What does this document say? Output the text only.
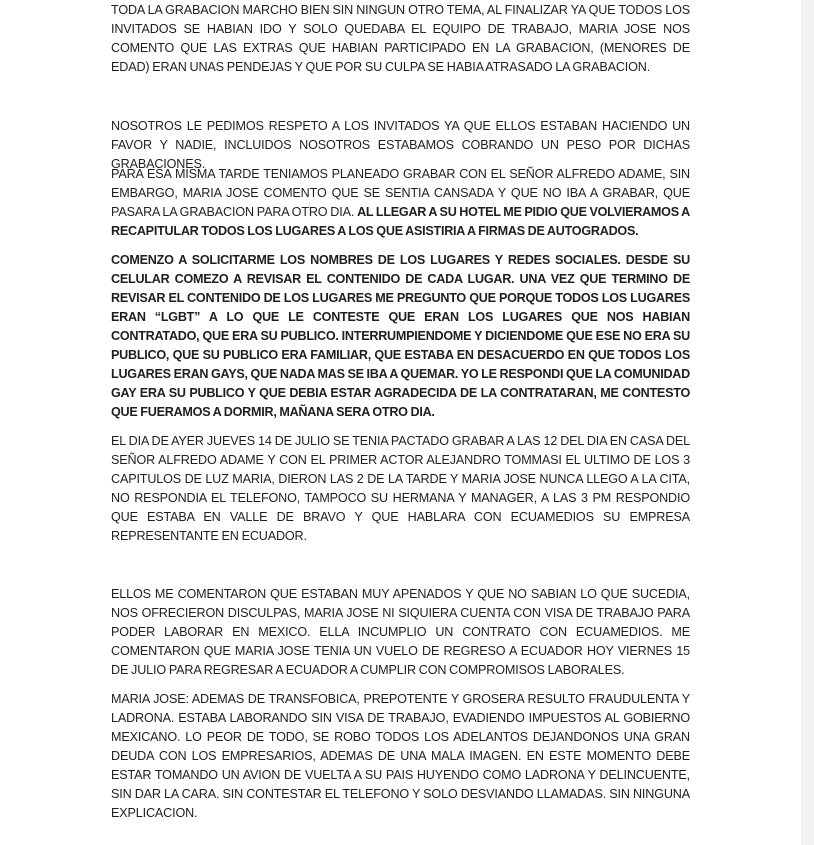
TODA LA GRABACION MARCHO BIEN SIN NINGUN OTRO TEMA, AL FINALIZAR YA QUE TODOS LOS INVITADOS SE HABIAN IDO Y SOLO QUEDABA EL EQUIPO DE TRABAJO, MARIA JOSE NOS COMENTO QUE LAS EXTRAS QUE HABIAN PARTICIPADO EN LA GRABACION, (MENORES DE EDAD) ERAN UNAS PENDEJAS Y QUE POR SU CULPA SE HABIA ATRASADO LA GRABACION.

NOSOTROS LE PEDIMOS RESPETO A LOS INVITADOS YA QUE ELLOS ESTABAN HACIENDO UN FAVOR Y NADIE, INCLUIDOS NOSOTROS ESTABAMOS COBRANDO UN PESO POR DICHAS GRABACIONES.

PARA ESA MISMA TARDE TENIAMOS PLANEADO GRABAR CON EL SEÑOR ALFREDO ADAME, SIN EMBARGO, MARIA JOSE COMENTO QUE SE SENTIA CANSADA Y QUE NO IBA A GRABAR, QUE PASARA LA GRABACION PARA OTRO DIA. AL LLEGAR A SU HOTEL ME PIDIO QUE VOLVIERAMOS A RECAPITULAR TODOS LOS LUGARES A LOS QUE ASISTIRIA A FIRMAS DE AUTOGRADOS.

COMENZO A SOLICITARME LOS NOMBRES DE LOS LUGARES Y REDES SOCIALES. DESDE SU CELULAR COMEZO A REVISAR EL CONTENIDO DE CADA LUGAR. UNA VEZ QUE TERMINO DE REVISAR EL CONTENIDO DE LOS LUGARES ME PREGUNTO QUE PORQUE TODOS LOS LUGARES ERAN “LGBT” A LO QUE LE CONTESTE QUE ERAN LOS LUGARES QUE NOS HABIAN CONTRATADO, QUE ERA SU PUBLICO. INTERRUMPIENDOME Y DICIENDOME QUE ESE NO ERA SU PUBLICO, QUE SU PUBLICO ERA FAMILIAR, QUE ESTABA EN DESACUERDO EN QUE TODOS LOS LUGARES ERAN GAYS, QUE NADA MAS SE IBA A QUEMAR. YO LE RESPONDI QUE LA COMUNIDAD GAY ERA SU PUBLICO Y QUE DEBIA ESTAR AGRADECIDA DE LA CONTRATARAN, ME CONTESTO QUE FUERAMOS A DORMIR, MAÑANA SERA OTRO DIA.

EL DIA DE AYER JUEVES 14 DE JULIO SE TENIA PACTADO GRABAR A LAS 12 DEL DIA EN CASA DEL SEÑOR ALFREDO ADAME Y CON EL PRIMER ACTOR ALEJANDRO TOMMASI EL ULTIMO DE LOS 3 CAPITULOS DE LUZ MARIA, DIERON LAS 2 DE LA TARDE Y MARIA JOSE NUNCA LLEGO A LA CITA, NO RESPONDIA EL TELEFONO, TAMPOCO SU HERMANA Y MANAGER, A LAS 3 PM RESPONDIO QUE ESTABA EN VALLE DE BRAVO Y QUE HABLARA CON ECUAMEDIOS SU EMPRESA REPRESENTANTE EN ECUADOR.

ELLOS ME COMENTARON QUE ESTABAN MUY APENADOS Y QUE NO SABIAN LO QUE SUCEDIA, NOS OFRECIERON DISCULPAS, MARIA JOSE NI SIQUIERA CUENTA CON VISA DE TRABAJO PARA PODER LABORAR EN MEXICO. ELLA INCUMPLIO UN CONTRATO CON ECUAMEDIOS. ME COMENTARON QUE MARIA JOSE TENIA UN VUELO DE REGRESO A ECUADOR HOY VIERNES 15 DE JULIO PARA REGRESAR A ECUADOR A CUMPLIR CON COMPROMISOS LABORALES.

MARIA JOSE: ADEMAS DE TRANSFOBICA, PREPOTENTE Y GROSERA RESULTO FRAUDULENTA Y LADRONA. ESTABA LABORANDO SIN VISA DE TRABAJO, EVADIENDO IMPUESTOS AL GOBIERNO MEXICANO. LO PEOR DE TODO, SE ROBO TODOS LOS ADELANTOS DEJANDONOS UNA GRAN DEUDA CON LOS EMPRESARIOS, ADEMAS DE UNA MALA IMAGEN. EN ESTE MOMENTO DEBE ESTAR TOMANDO UN AVION DE VUELTA A SU PAIS HUYENDO COMO LADRONA Y DELINCUENTE, SIN DAR LA CARA. SIN CONTESTAR EL TELEFONO Y SOLO DESVIANDO LLAMADAS. SIN NINGUNA EXPLICACION.
